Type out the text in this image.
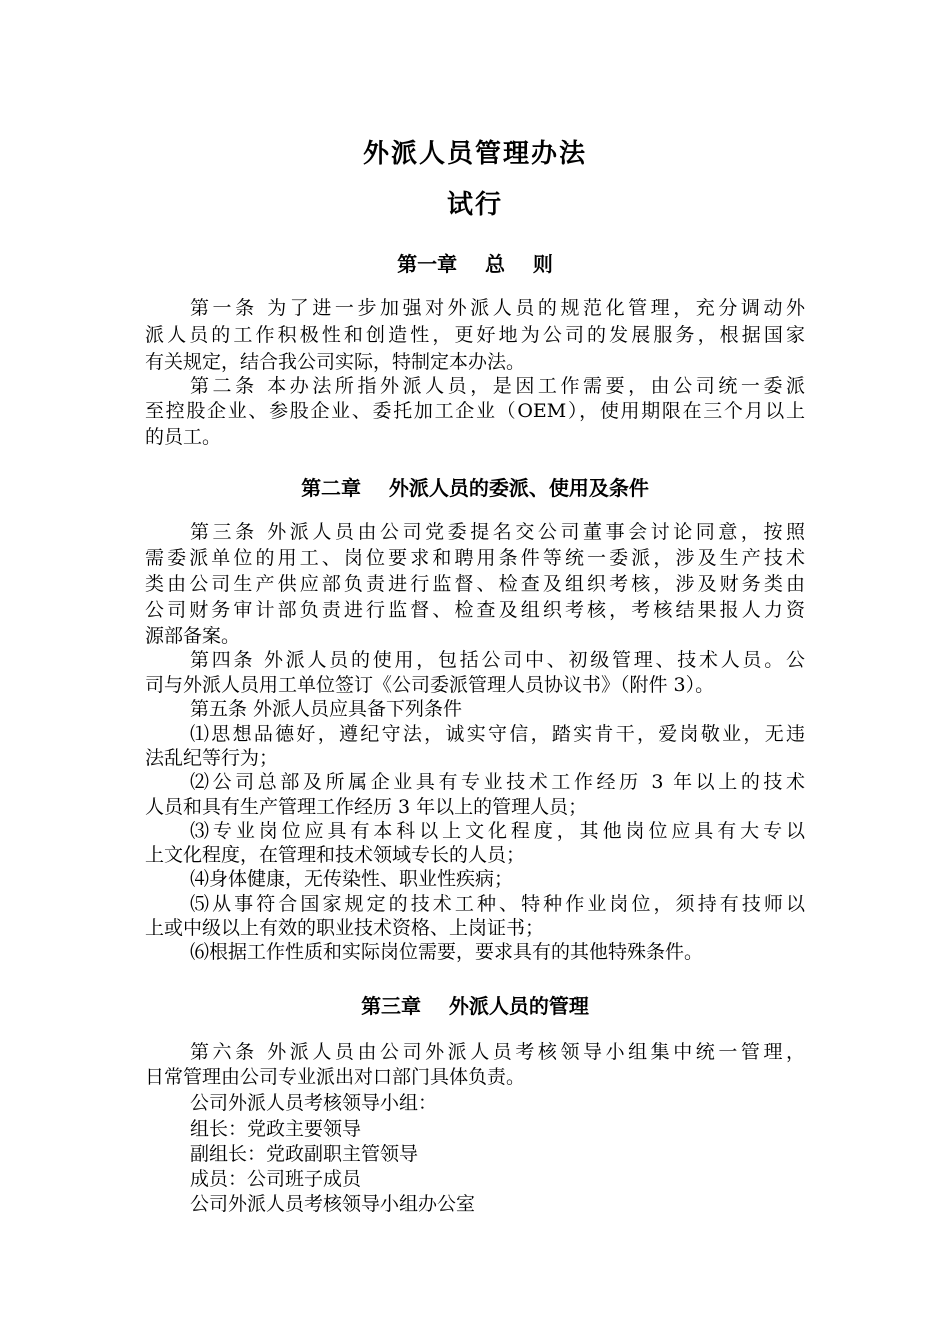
外派人员管理办法
试行
第一章    总    则
第一条 为了进一步加强对外派人员的规范化管理，充分调动外
派人员的工作积极性和创造性，更好地为公司的发展服务，根据国家
有关规定，结合我公司实际，特制定本办法。
第二条 本办法所指外派人员，是因工作需要，由公司统一委派
至控股企业、参股企业、委托加工企业（OEM），使用期限在三个月以上
的员工。
第二章    外派人员的委派、使用及条件
第三条 外派人员由公司党委提名交公司董事会讨论同意，按照
需委派单位的用工、岗位要求和聘用条件等统一委派，涉及生产技术
类由公司生产供应部负责进行监督、检查及组织考核，涉及财务类由
公司财务审计部负责进行监督、检查及组织考核，考核结果报人力资
源部备案。
第四条 外派人员的使用，包括公司中、初级管理、技术人员。公
司与外派人员用工单位签订《公司委派管理人员协议书》（附件 3）。
第五条 外派人员应具备下列条件
⑴思想品德好，遵纪守法，诚实守信，踏实肯干，爱岗敬业，无违
法乱纪等行为；
⑵公司总部及所属企业具有专业技术工作经历 3 年以上的技术
人员和具有生产管理工作经历 3 年以上的管理人员；
⑶专业岗位应具有本科以上文化程度，其他岗位应具有大专以
上文化程度，在管理和技术领域专长的人员；
⑷身体健康，无传染性、职业性疾病；
⑸从事符合国家规定的技术工种、特种作业岗位，须持有技师以
上或中级以上有效的职业技术资格、上岗证书；
⑹根据工作性质和实际岗位需要，要求具有的其他特殊条件。
第三章    外派人员的管理
第六条 外派人员由公司外派人员考核领导小组集中统一管理，
日常管理由公司专业派出对口部门具体负责。
公司外派人员考核领导小组：
组长：党政主要领导
副组长：党政副职主管领导
成员：公司班子成员
公司外派人员考核领导小组办公室
